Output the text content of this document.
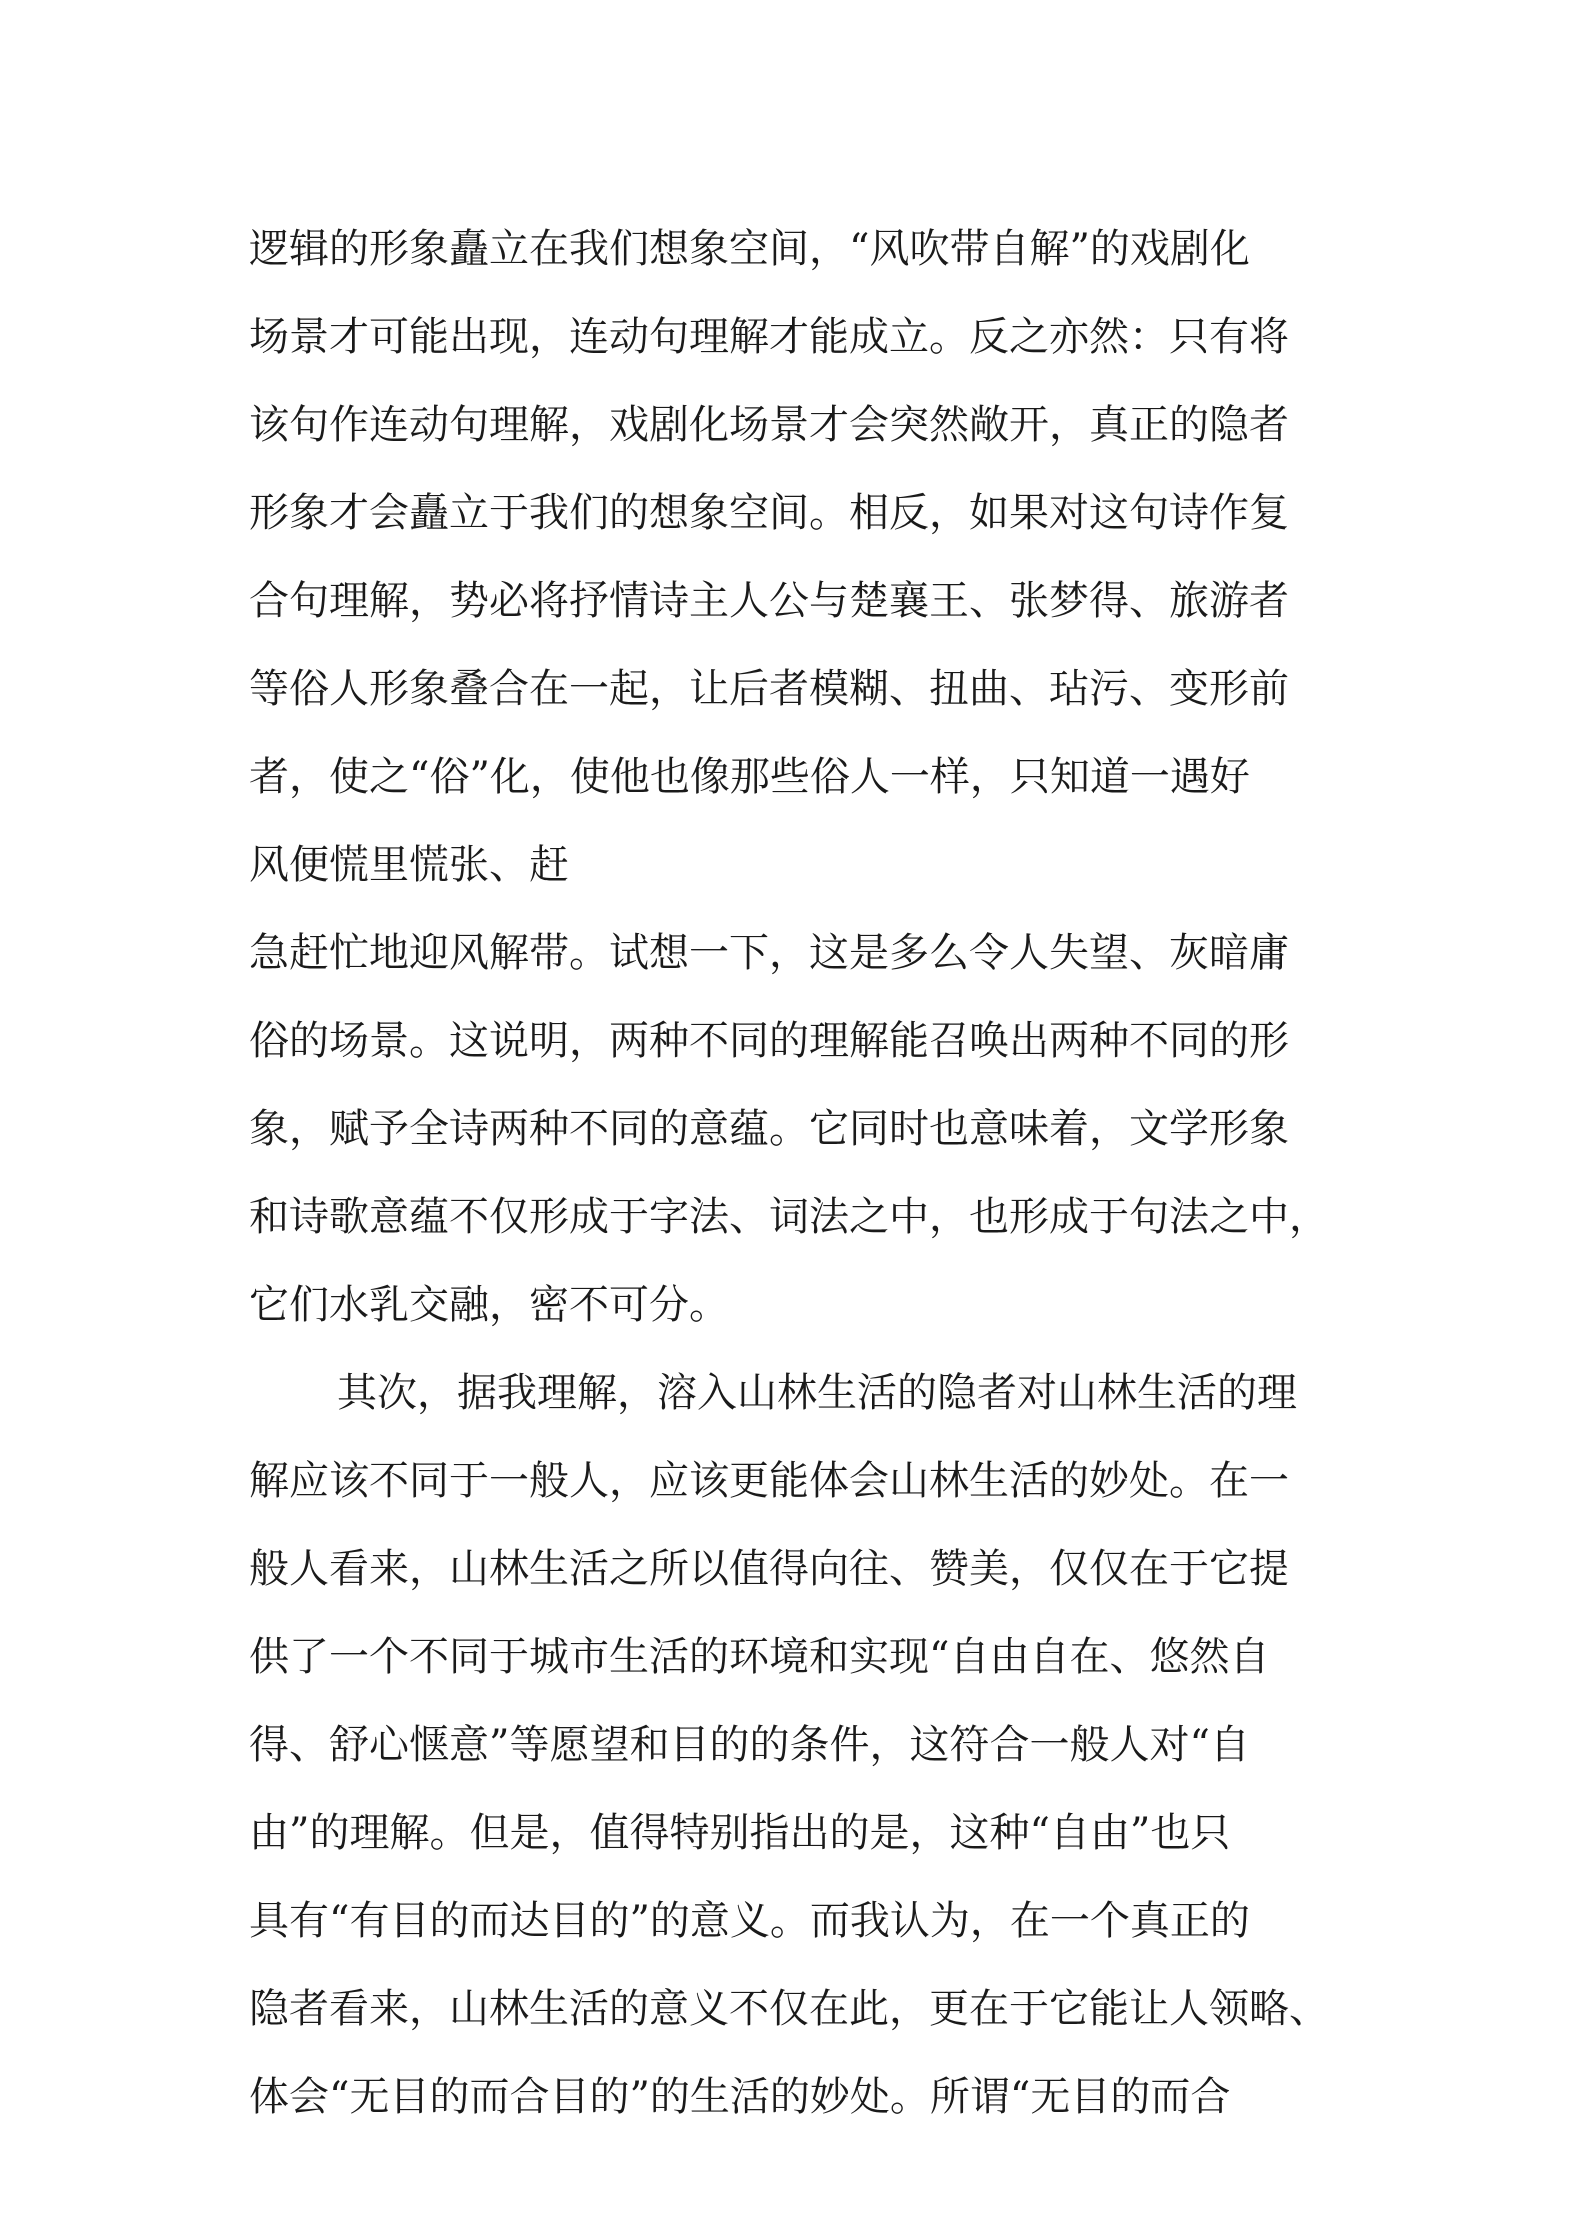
逻辑的形象矗立在我们想象空间，“风吹带自解”的戏剧化
场景才可能出现，连动句理解才能成立。反之亦然：只有将
该句作连动句理解，戏剧化场景才会突然敞开，真正的隐者
形象才会矗立于我们的想象空间。相反，如果对这句诗作复
合句理解，势必将抒情诗主人公与楚襄王、张梦得、旅游者
等俗人形象叠合在一起，让后者模糊、扭曲、玷污、变形前
者，使之“俗”化，使他也像那些俗人一样，只知道一遇好
风便慌里慌张、赶
急赶忙地迎风解带。试想一下，这是多么令人失望、灰暗庸
俗的场景。这说明，两种不同的理解能召唤出两种不同的形
象，赋予全诗两种不同的意蕴。它同时也意味着，文学形象
和诗歌意蕴不仅形成于字法、词法之中，也形成于句法之中，
它们水乳交融，密不可分。
其次，据我理解，溶入山林生活的隐者对山林生活的理
解应该不同于一般人，应该更能体会山林生活的妙处。在一
般人看来，山林生活之所以值得向往、赞美，仅仅在于它提
供了一个不同于城市生活的环境和实现“自由自在、悠然自
得、舒心惬意”等愿望和目的的条件，这符合一般人对“自
由”的理解。但是，值得特别指出的是，这种“自由”也只
具有“有目的而达目的”的意义。而我认为，在一个真正的
隐者看来，山林生活的意义不仅在此，更在于它能让人领略、
体会“无目的而合目的”的生活的妙处。所谓“无目的而合
